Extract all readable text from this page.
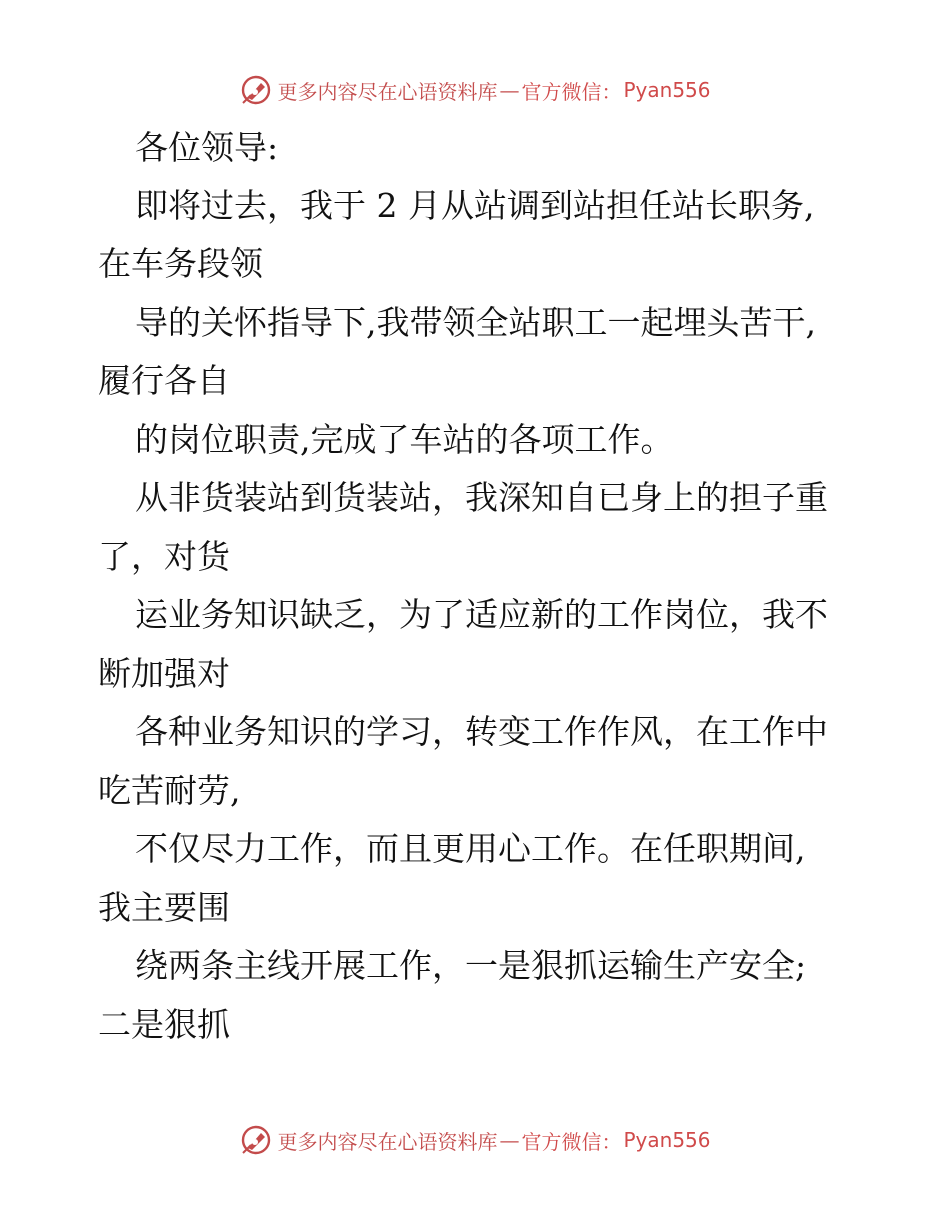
更多内容尽在心语资料库 — 官方微信： Pyan556
各位领导:
即将过去，我于 2 月从站调到站担任站长职务,
在车务段领
导的关怀指导下,我带领全站职工一起埋头苦干,
履行各自
的岗位职责,完成了车站的各项工作。
从非货装站到货装站，我深知自已身上的担子重
了，对货
运业务知识缺乏，为了适应新的工作岗位，我不
断加强对
各种业务知识的学习，转变工作作风，在工作中
吃苦耐劳,
不仅尽力工作，而且更用心工作。在任职期间,
我主要围
绕两条主线开展工作，一是狠抓运输生产安全;
二是狠抓
更多内容尽在心语资料库 — 官方微信： Pyan556
